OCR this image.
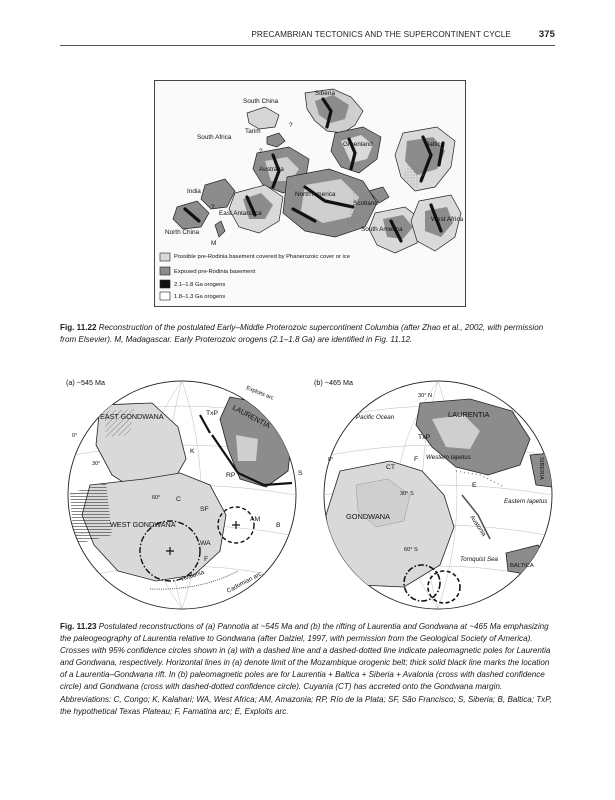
PRECAMBRIAN TECTONICS AND THE SUPERCONTINENT CYCLE	375
South China
Siberia
Tarim
South Africa
Greenland	Baltica
Australia
India	North America
Scotland
East Antarctica
North China
M
South America
West Africa
?
?
?
Possible pre-Rodinia basement covered by Phanerozoic cover or ice
Exposed pre-Rodinia basement
2.1–1.8 Ga orogens
1.8–1.3 Ga orogens
Fig. 11.22 Reconstruction of the postulated Early–Middle Proterozoic supercontinent Columbia (after Zhao et al., 2002, with permission from Elsevier). M, Madagascar. Early Proterozoic orogens (2.1–1.8 Ga) are identified in Fig. 11.12.
(a) ~545 Ma
EAST GONDWANA	TxP LAURENTIA
Exploits arc
K
RP	S
C
SF
AM
B
WEST GONDWANA
WA
F
Avalonia	Cadomian arc
0°
30°
60°
(b) ~465 Ma
30° N
Pacific Ocean	LAURENTIA
TxP
CT
F Western Iapetus
E
SIBERIA
30° S
GONDWANA
Eastern Iapetus
Avalonia
60° S
Tornquist Sea
BALTICA
0°
Fig. 11.23 Postulated reconstructions of (a) Pannotia at ~545 Ma and (b) the rifting of Laurentia and Gondwana at ~465 Ma emphasizing the paleogeography of Laurentia relative to Gondwana (after Dalziel, 1997, with permission from the Geological Society of America). Crosses with 95% confidence circles shown in (a) with a dashed line and a dashed-dotted line indicate paleomagnetic poles for Laurentia and Gondwana, respectively. Horizontal lines in (a) denote limit of the Mozambique orogenic belt; thick solid black line marks the location of a Laurentia–Gondwana rift. In (b) paleomagnetic poles are for Laurentia + Baltica + Siberia + Avalonia (cross with dashed confidence circle) and Gondwana (cross with dashed-dotted confidence circle). Cuyania (CT) has accreted onto the Gondwana margin. Abbreviations: C, Congo; K, Kalahari; WA, West Africa; AM, Amazonia; RP, Río de la Plata; SF, São Francisco; S, Siberia; B, Baltica; TxP, the hypothetical Texas Plateau; F, Famatina arc; E, Exploits arc.
